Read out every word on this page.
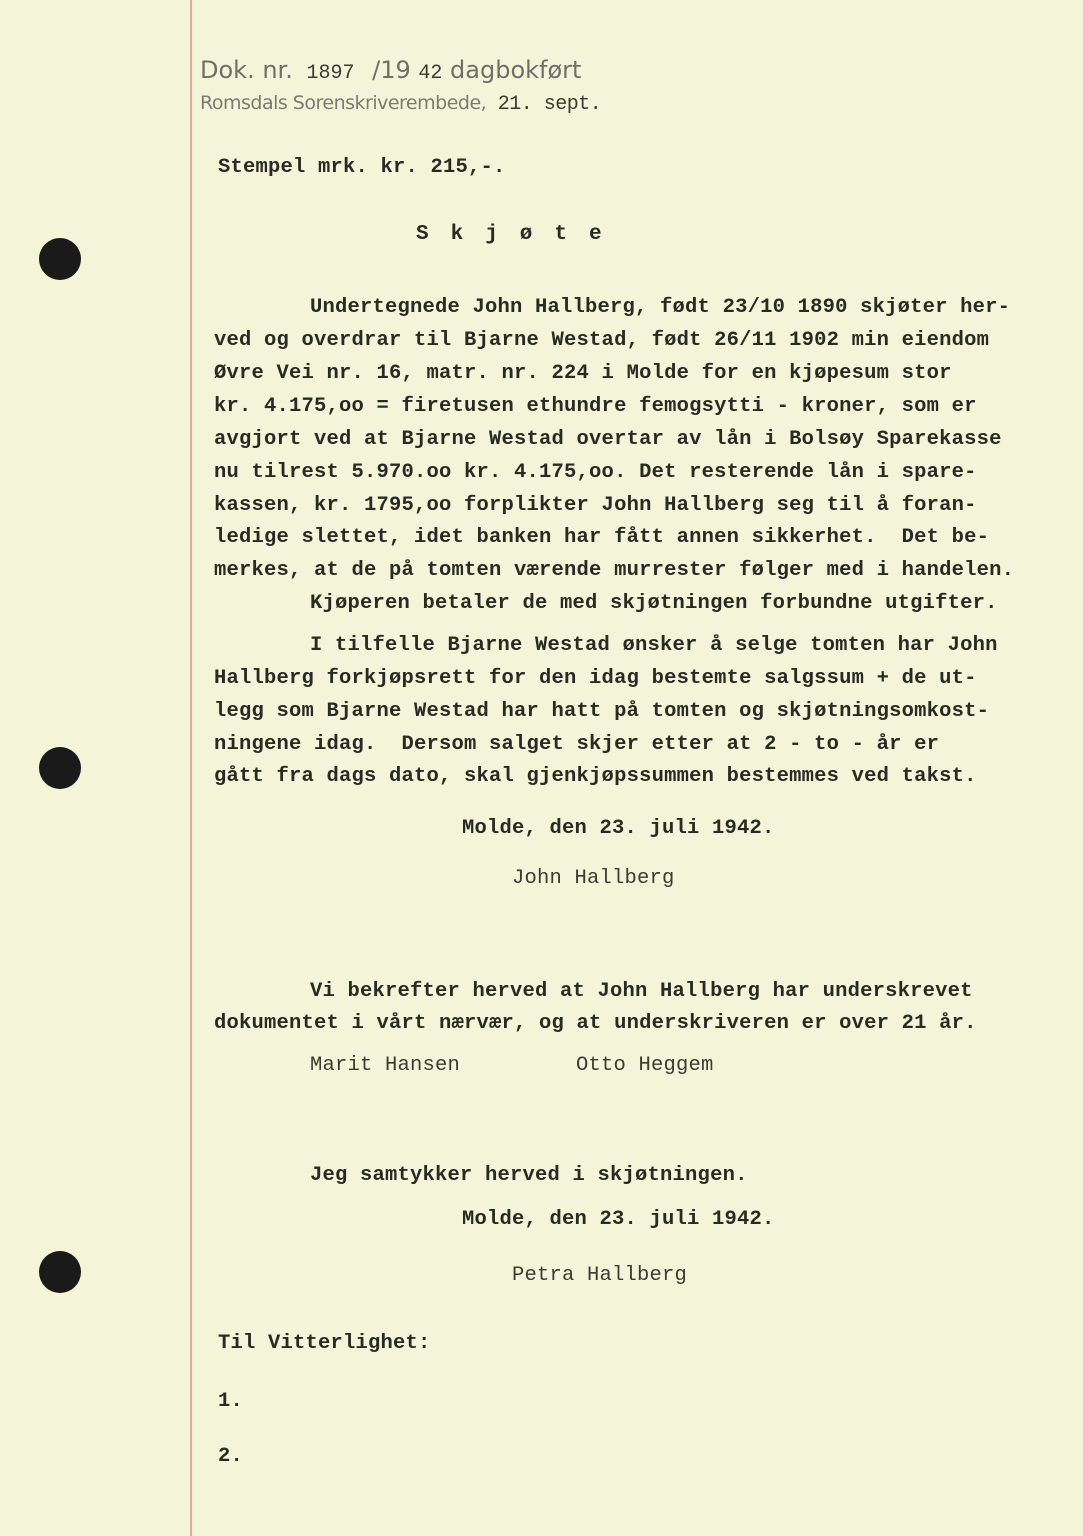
Dok. nr. 1897 /19 42 dagbokført
Romsdals Sorenskriverembede, 21. sept.
Stempel mrk. kr. 215,-.
Skjøte
Undertegnede John Hallberg, født 23/10 1890 skjøter her-
ved og overdrar til Bjarne Westad, født 26/11 1902 min eiendom
Øvre Vei nr. 16, matr. nr. 224 i Molde for en kjøpesum stor
kr. 4.175,oo = firetusen ethundre femogsytti - kroner, som er
avgjort ved at Bjarne Westad overtar av lån i Bolsøy Sparekasse
nu tilrest 5.970.oo kr. 4.175,oo. Det resterende lån i spare-
kassen, kr. 1795,oo forplikter John Hallberg seg til å foran-
ledige slettet, idet banken har fått annen sikkerhet.  Det be-
merkes, at de på tomten værende murrester følger med i handelen.
Kjøperen betaler de med skjøtningen forbundne utgifter.
I tilfelle Bjarne Westad ønsker å selge tomten har John
Hallberg forkjøpsrett for den idag bestemte salgssum + de ut-
legg som Bjarne Westad har hatt på tomten og skjøtningsomkost-
ningene idag.  Dersom salget skjer etter at 2 - to - år er
gått fra dags dato, skal gjenkjøpssummen bestemmes ved takst.
Molde, den 23. juli 1942.
John Hallberg
Vi bekrefter herved at John Hallberg har underskrevet
dokumentet i vårt nærvær, og at underskriveren er over 21 år.
Marit Hansen	Otto Heggem
Jeg samtykker herved i skjøtningen.
Molde, den 23. juli 1942.
Petra Hallberg
Til Vitterlighet:
1.
2.
